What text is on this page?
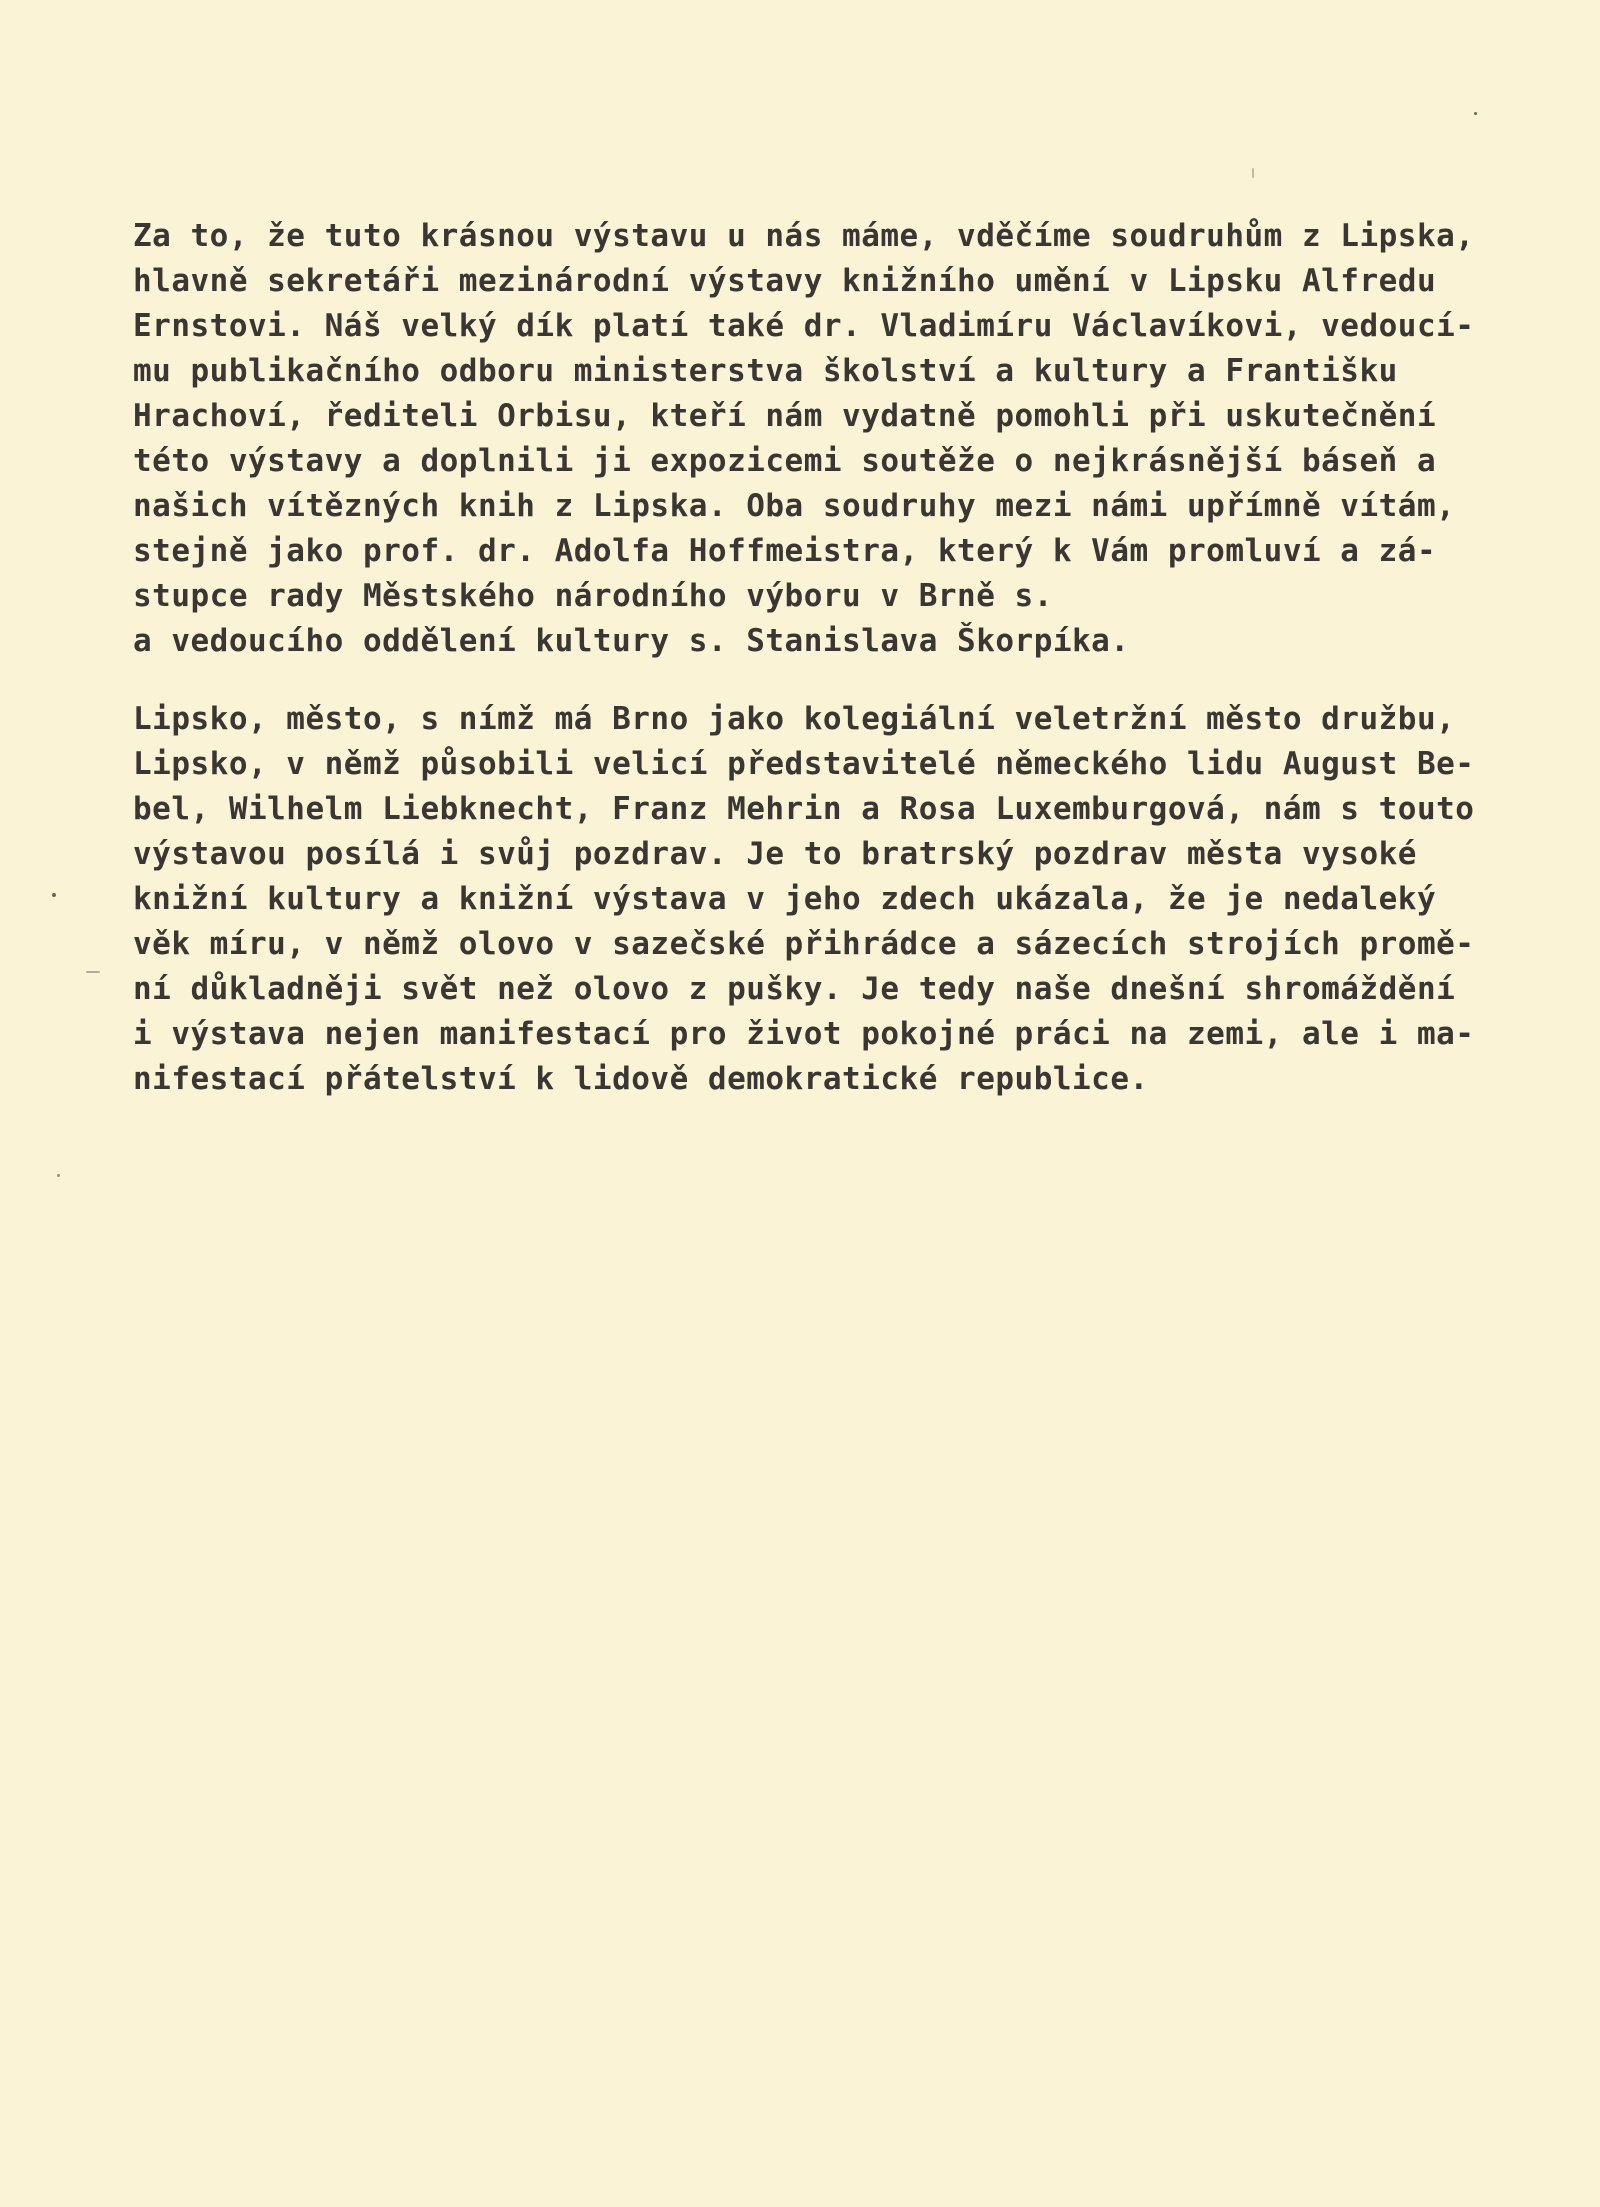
Za to, že tuto krásnou výstavu u nás máme, vděčíme soudruhům z Lipska,
hlavně sekretáři mezinárodní výstavy knižního umění v Lipsku Alfredu
Ernstovi. Náš velký dík platí také dr. Vladimíru Václavíkovi, vedoucí-
mu publikačního odboru ministerstva školství a kultury a Františku
Hrachoví, řediteli Orbisu, kteří nám vydatně pomohli při uskutečnění
této výstavy a doplnili ji expozicemi soutěže o nejkrásnější báseň a
našich vítězných knih z Lipska. Oba soudruhy mezi námi upřímně vítám,
stejně jako prof. dr. Adolfa Hoffmeistra, který k Vám promluví a zá-
stupce rady Městského národního výboru v Brně s.
a vedoucího oddělení kultury s. Stanislava Škorpíka.
Lipsko, město, s nímž má Brno jako kolegiální veletržní město družbu,
Lipsko, v němž působili velicí představitelé německého lidu August Be-
bel, Wilhelm Liebknecht, Franz Mehrin a Rosa Luxemburgová, nám s touto
výstavou posílá i svůj pozdrav. Je to bratrský pozdrav města vysoké
knižní kultury a knižní výstava v jeho zdech ukázala, že je nedaleký
věk míru, v němž olovo v sazečské přihrádce a sázecích strojích promě-
ní důkladněji svět než olovo z pušky. Je tedy naše dnešní shromáždění
i výstava nejen manifestací pro život pokojné práci na zemi, ale i ma-
nifestací přátelství k lidově demokratické republice.
